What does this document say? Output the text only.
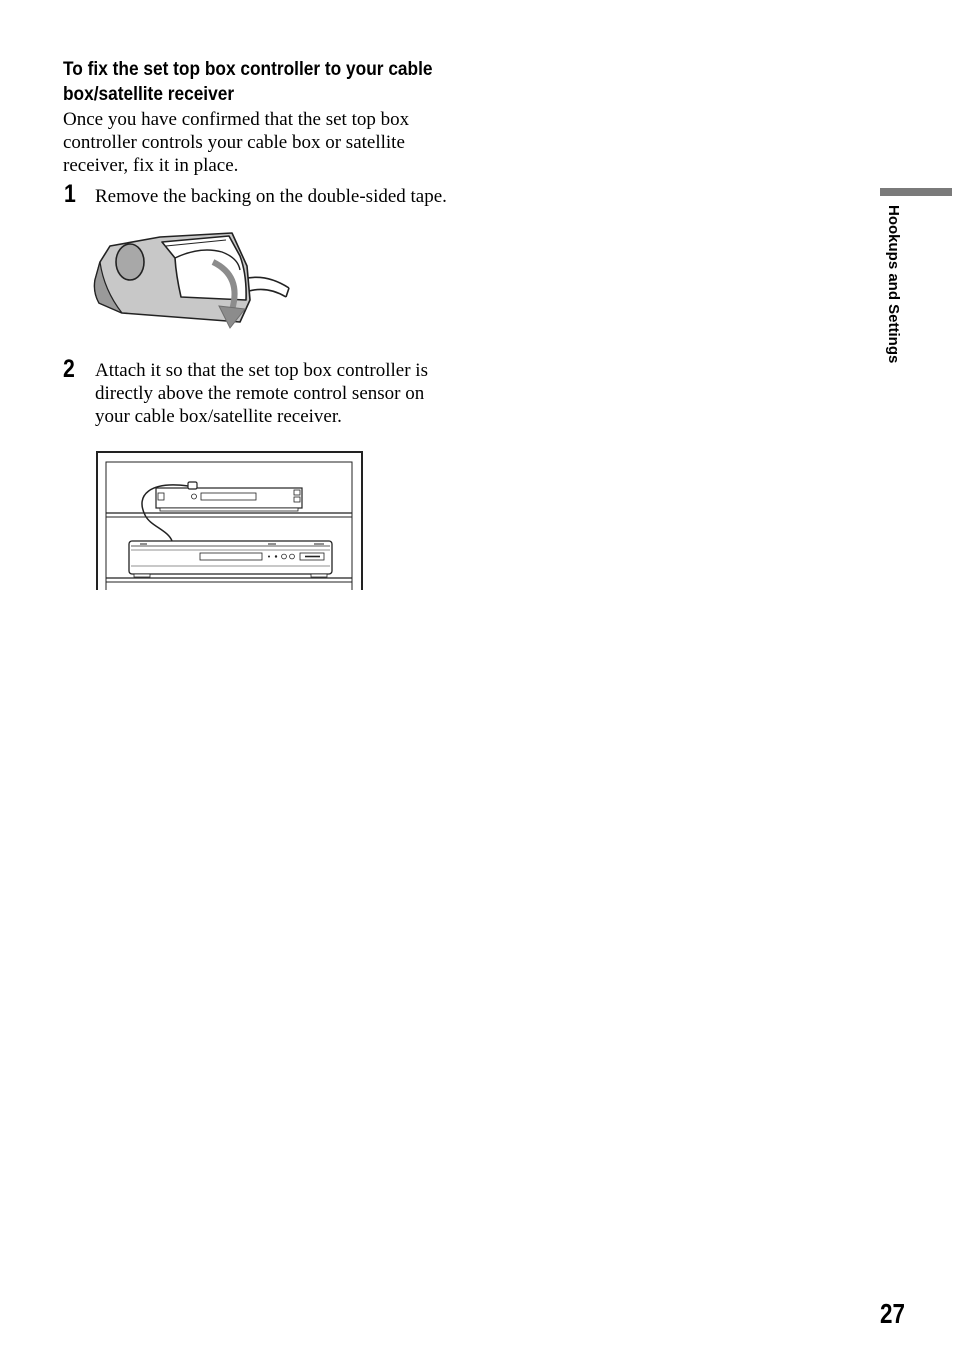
To fix the set top box controller to your cable
box/satellite receiver
Once you have confirmed that the set top box
controller controls your cable box or satellite
receiver, fix it in place.
1 Remove the backing on the double-sided tape.
2 Attach it so that the set top box controller is
directly above the remote control sensor on
your cable box/satellite receiver.
Hookups and Settings
27
